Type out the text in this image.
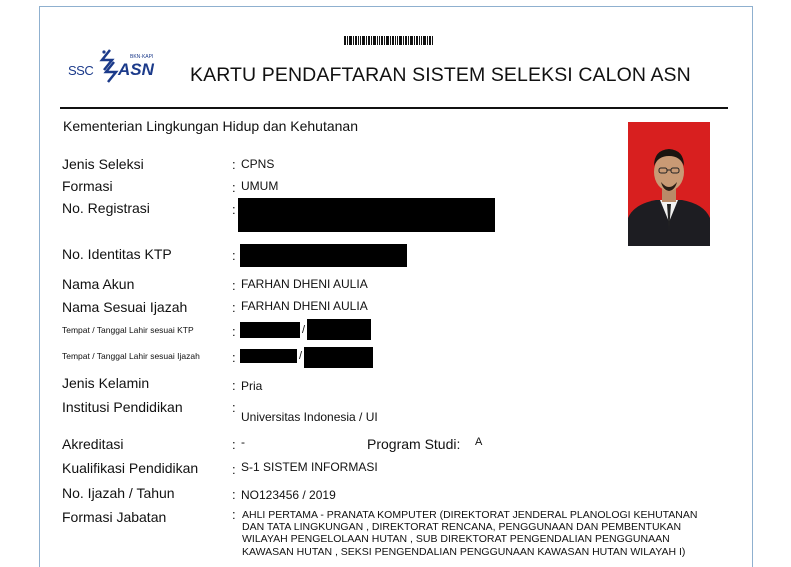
SSC
BKN·KAPI
ASN KARTU PENDAFTARAN SISTEM SELEKSI CALON ASN
Kementerian Lingkungan Hidup dan Kehutanan
Jenis Seleksi	: CPNS
Formasi	: UMUM
No. Registrasi	:
No. Identitas KTP	:
Nama Akun	: FARHAN DHENI AULIA
Nama Sesuai Ijazah	: FARHAN DHENI AULIA
Tempat / Tanggal Lahir sesuai KTP	:	/
Tempat / Tanggal Lahir sesuai Ijazah :	/
Jenis Kelamin	: Pria
Institusi Pendidikan	:
Universitas Indonesia / UI
Akreditasi	: -	Program Studi: A
Kualifikasi Pendidikan	: S-1 SISTEM INFORMASI
No. Ijazah / Tahun	: NO123456 / 2019
Formasi Jabatan	: AHLI PERTAMA - PRANATA KOMPUTER (DIREKTORAT JENDERAL PLANOLOGI KEHUTANAN
DAN TATA LINGKUNGAN , DIREKTORAT RENCANA, PENGGUNAAN DAN PEMBENTUKAN
WILAYAH PENGELOLAAN HUTAN , SUB DIREKTORAT PENGENDALIAN PENGGUNAAN
KAWASAN HUTAN , SEKSI PENGENDALIAN PENGGUNAAN KAWASAN HUTAN WILAYAH I)
